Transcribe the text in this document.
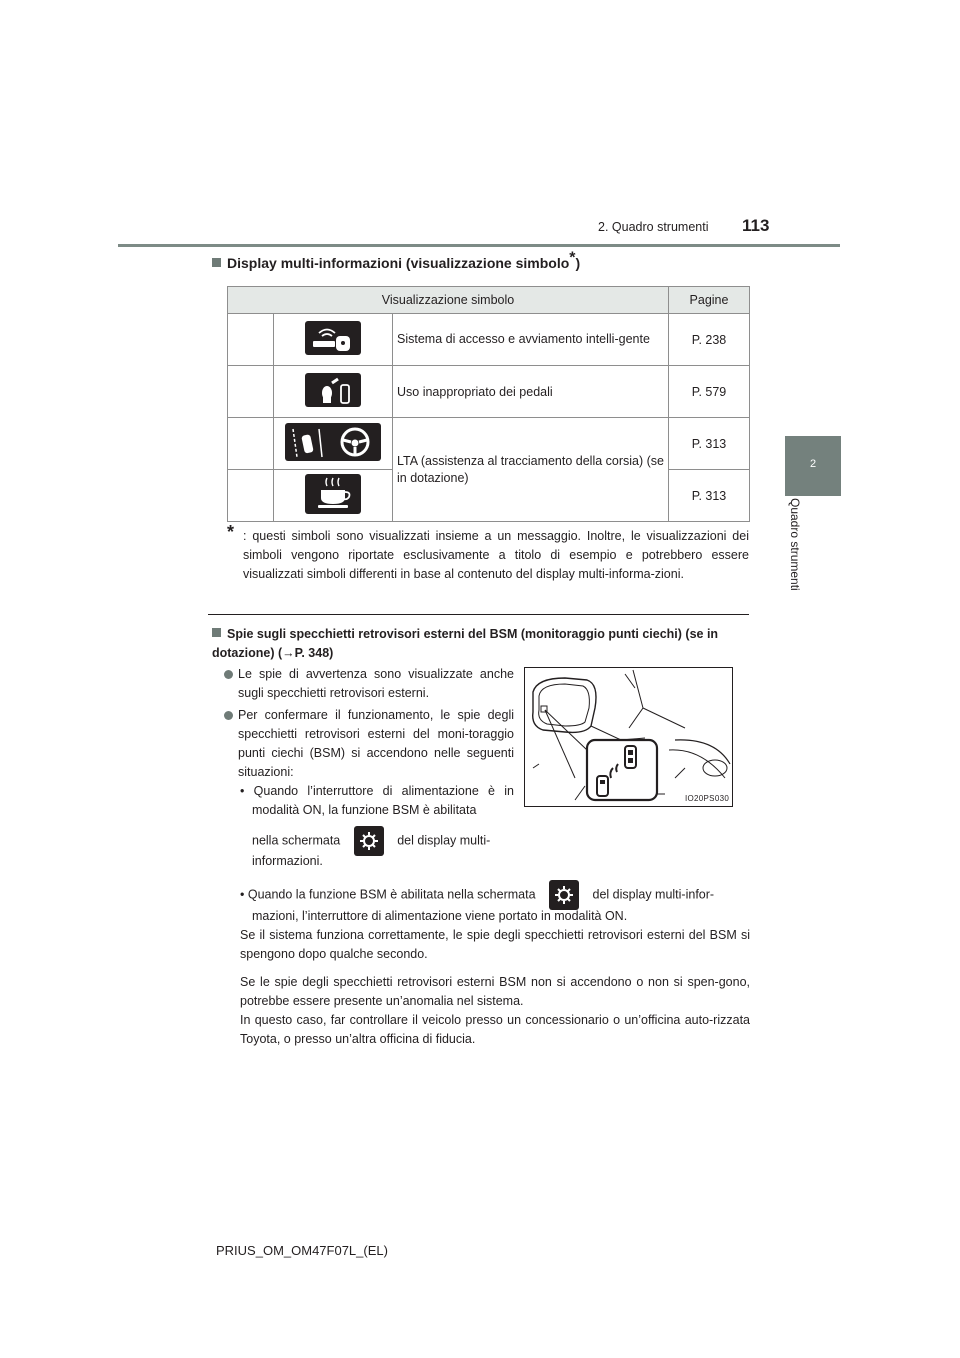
2. Quadro strumenti 113
2
Quadro strumenti
Display multi-informazioni (visualizzazione simbolo*)
Visualizzazione simbolo			Pagine
		Sistema di accesso e avviamento intelli-gente	P. 238
		Uso inappropriato dei pedali	P. 579
		LTA (assistenza al tracciamento della corsia) (se in dotazione)	P. 313
		P. 313
* : questi simboli sono visualizzati insieme a un messaggio. Inoltre, le visualizzazioni dei simboli vengono riportate esclusivamente a titolo di esempio e potrebbero essere visualizzati simboli differenti in base al contenuto del display multi-informa-zioni.
Spie sugli specchietti retrovisori esterni del BSM (monitoraggio punti ciechi) (se in dotazione) (→P. 348)
Le spie di avvertenza sono visualizzate anche sugli specchietti retrovisori esterni.
Per confermare il funzionamento, le spie degli specchietti retrovisori esterni del moni-toraggio punti ciechi (BSM) si accendono nelle seguenti situazioni:
• Quando l’interruttore di alimentazione è in modalità ON, la funzione BSM è abilitata
nella schermata	del display multi-
informazioni.
• Quando la funzione BSM è abilitata nella schermata	del display multi-infor-
mazioni, l’interruttore di alimentazione viene portato in modalità ON.
Se il sistema funziona correttamente, le spie degli specchietti retrovisori esterni del BSM si spengono dopo qualche secondo.
Se le spie degli specchietti retrovisori esterni BSM non si accendono o non si spen-gono, potrebbe essere presente un’anomalia nel sistema.
In questo caso, far controllare il veicolo presso un concessionario o un’officina auto-rizzata Toyota, o presso un’altra officina di fiducia.
IO20PS030
PRIUS_OM_OM47F07L_(EL)
